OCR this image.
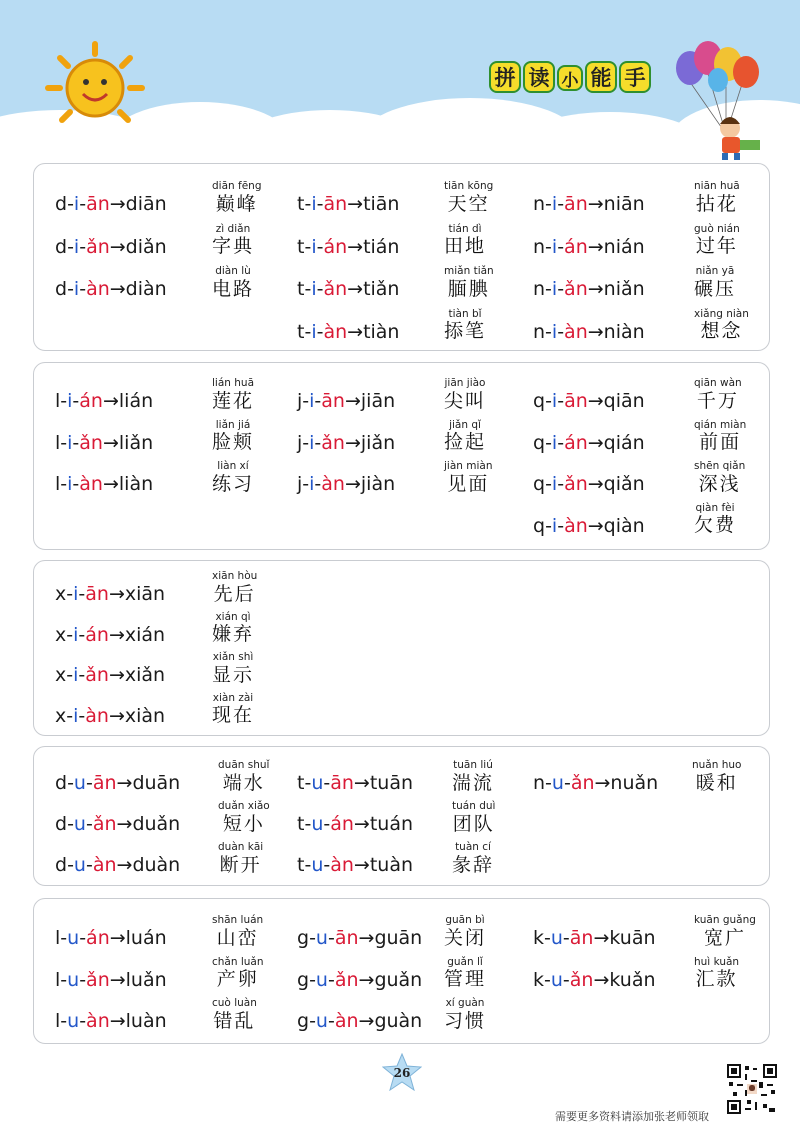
拼 读 小 能 手
d-i-ān→diān
diān fēng
巅峰
d-i-ǎn→diǎn
zì diǎn
字典
d-i-àn→diàn
diàn lù
电路
t-i-ān→tiān
tiān kōng
天空
t-i-án→tián
tián dì
田地
t-i-ǎn→tiǎn
miǎn tiǎn
腼腆
t-i-àn→tiàn
tiàn bǐ
掭笔
n-i-ān→niān
niān huā
拈花
n-i-án→nián
guò nián
过年
n-i-ǎn→niǎn
niǎn yā
碾压
n-i-àn→niàn
xiǎng niàn
想念
l-i-án→lián
lián huā
莲花
l-i-ǎn→liǎn
liǎn jiá
脸颊
l-i-àn→liàn
liàn xí
练习
j-i-ān→jiān
jiān jiào
尖叫
j-i-ǎn→jiǎn
jiǎn qǐ
捡起
j-i-àn→jiàn
jiàn miàn
见面
q-i-ān→qiān
qiān wàn
千万
q-i-án→qián
qián miàn
前面
q-i-ǎn→qiǎn
shēn qiǎn
深浅
q-i-àn→qiàn
qiàn fèi
欠费
x-i-ān→xiān
xiān hòu
先后
x-i-án→xián
xián qì
嫌弃
x-i-ǎn→xiǎn
xiǎn shì
显示
x-i-àn→xiàn
xiàn zài
现在
d-u-ān→duān
duān shuǐ
端水
d-u-ǎn→duǎn
duǎn xiǎo
短小
d-u-àn→duàn
duàn kāi
断开
t-u-ān→tuān
tuān liú
湍流
t-u-án→tuán
tuán duì
团队
t-u-àn→tuàn
tuàn cí
彖辞
n-u-ǎn→nuǎn
nuǎn huo
暖和
l-u-án→luán
shān luán
山峦
l-u-ǎn→luǎn
chǎn luǎn
产卵
l-u-àn→luàn
cuò luàn
错乱
g-u-ān→guān
guān bì
关闭
g-u-ǎn→guǎn
guǎn lǐ
管理
g-u-àn→guàn
xí guàn
习惯
k-u-ān→kuān
kuān guǎng
宽广
k-u-ǎn→kuǎn
huì kuǎn
汇款
26
需要更多资料请添加张老师领取
